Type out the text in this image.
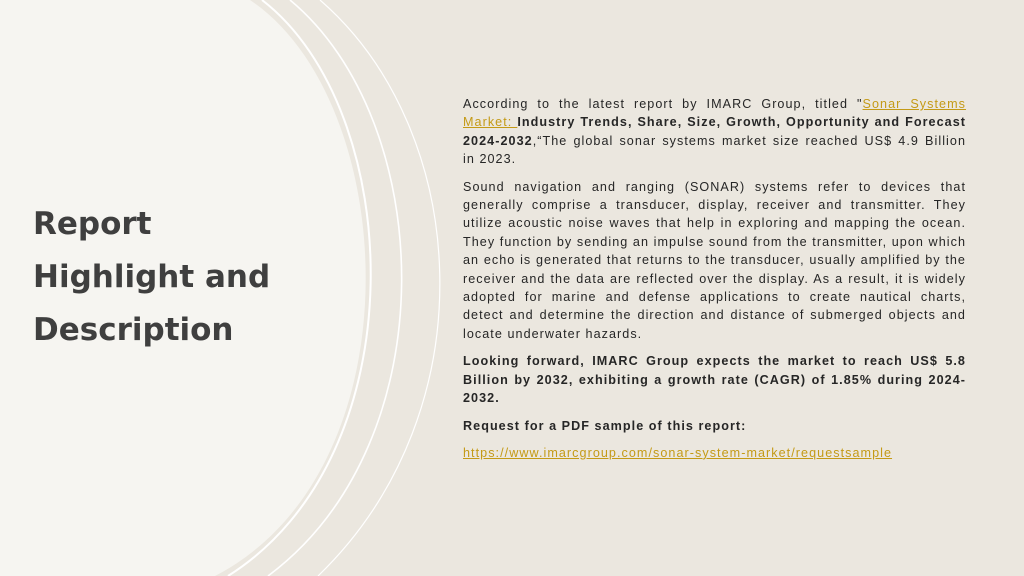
Report
Highlight and
Description

According to the latest report by IMARC Group, titled "Sonar Systems Market: Industry Trends, Share, Size, Growth, Opportunity and Forecast 2024-2032,“The global sonar systems market size reached US$ 4.9 Billion in 2023.

Sound navigation and ranging (SONAR) systems refer to devices that generally comprise a transducer, display, receiver and transmitter. They utilize acoustic noise waves that help in exploring and mapping the ocean. They function by sending an impulse sound from the transmitter, upon which an echo is generated that returns to the transducer, usually amplified by the receiver and the data are reflected over the display. As a result, it is widely adopted for marine and defense applications to create nautical charts, detect and determine the direction and distance of submerged objects and locate underwater hazards.

Looking forward, IMARC Group expects the market to reach US$ 5.8 Billion by 2032, exhibiting a growth rate (CAGR) of 1.85% during 2024-2032.

Request for a PDF sample of this report:

https://www.imarcgroup.com/sonar-system-market/requestsample
